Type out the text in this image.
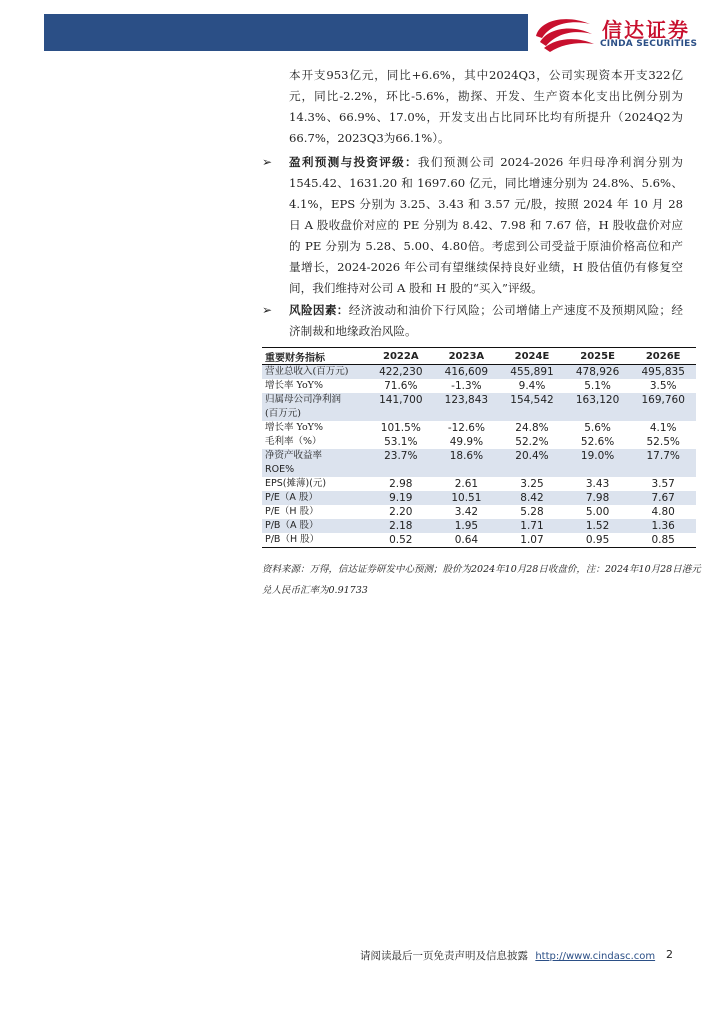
信达证券
CINDA SECURITIES

本开支953亿元，同比+6.6%，其中2024Q3，公司实现资本开支322亿元，同比-2.2%，环比-5.6%，勘探、开发、生产资本化支出比例分别为14.3%、66.9%、17.0%，开发支出占比同环比均有所提升（2024Q2为66.7%，2023Q3为66.1%）。

➢ 盈利预测与投资评级：我们预测公司 2024-2026 年归母净利润分别为 1545.42、1631.20 和 1697.60 亿元，同比增速分别为 24.8%、5.6%、4.1%，EPS 分别为 3.25、3.43 和 3.57 元/股，按照 2024 年 10 月 28 日 A 股收盘价对应的 PE 分别为 8.42、7.98 和 7.67 倍，H 股收盘价对应的 PE 分别为 5.28、5.00、4.80倍。考虑到公司受益于原油价格高位和产量增长，2024-2026 年公司有望继续保持良好业绩，H 股估值仍有修复空间，我们维持对公司 A 股和 H 股的“买入”评级。

➢ 风险因素：经济波动和油价下行风险；公司增储上产速度不及预期风险；经济制裁和地缘政治风险。

重要财务指标	2022A	2023A	2024E	2025E	2026E
营业总收入(百万元)	422,230	416,609	455,891	478,926	495,835
增长率 YoY%	71.6%	-1.3%	9.4%	5.1%	3.5%
归属母公司净利润	141,700	123,843	154,542	163,120	169,760
(百万元)					
增长率 YoY%	101.5%	-12.6%	24.8%	5.6%	4.1%
毛利率（%）	53.1%	49.9%	52.2%	52.6%	52.5%
净资产收益率	23.7%	18.6%	20.4%	19.0%	17.7%
ROE%					
EPS(摊薄)(元)	2.98	2.61	3.25	3.43	3.57
P/E（A 股）	9.19	10.51	8.42	7.98	7.67
P/E（H 股）	2.20	3.42	5.28	5.00	4.80
P/B（A 股）	2.18	1.95	1.71	1.52	1.36
P/B（H 股）	0.52	0.64	1.07	0.95	0.85

资料来源：万得，信达证券研发中心预测；股价为2024年10月28日收盘价，注：2024年10月28日港元兑人民币汇率为0.91733

请阅读最后一页免责声明及信息披露 http://www.cindasc.com 2
